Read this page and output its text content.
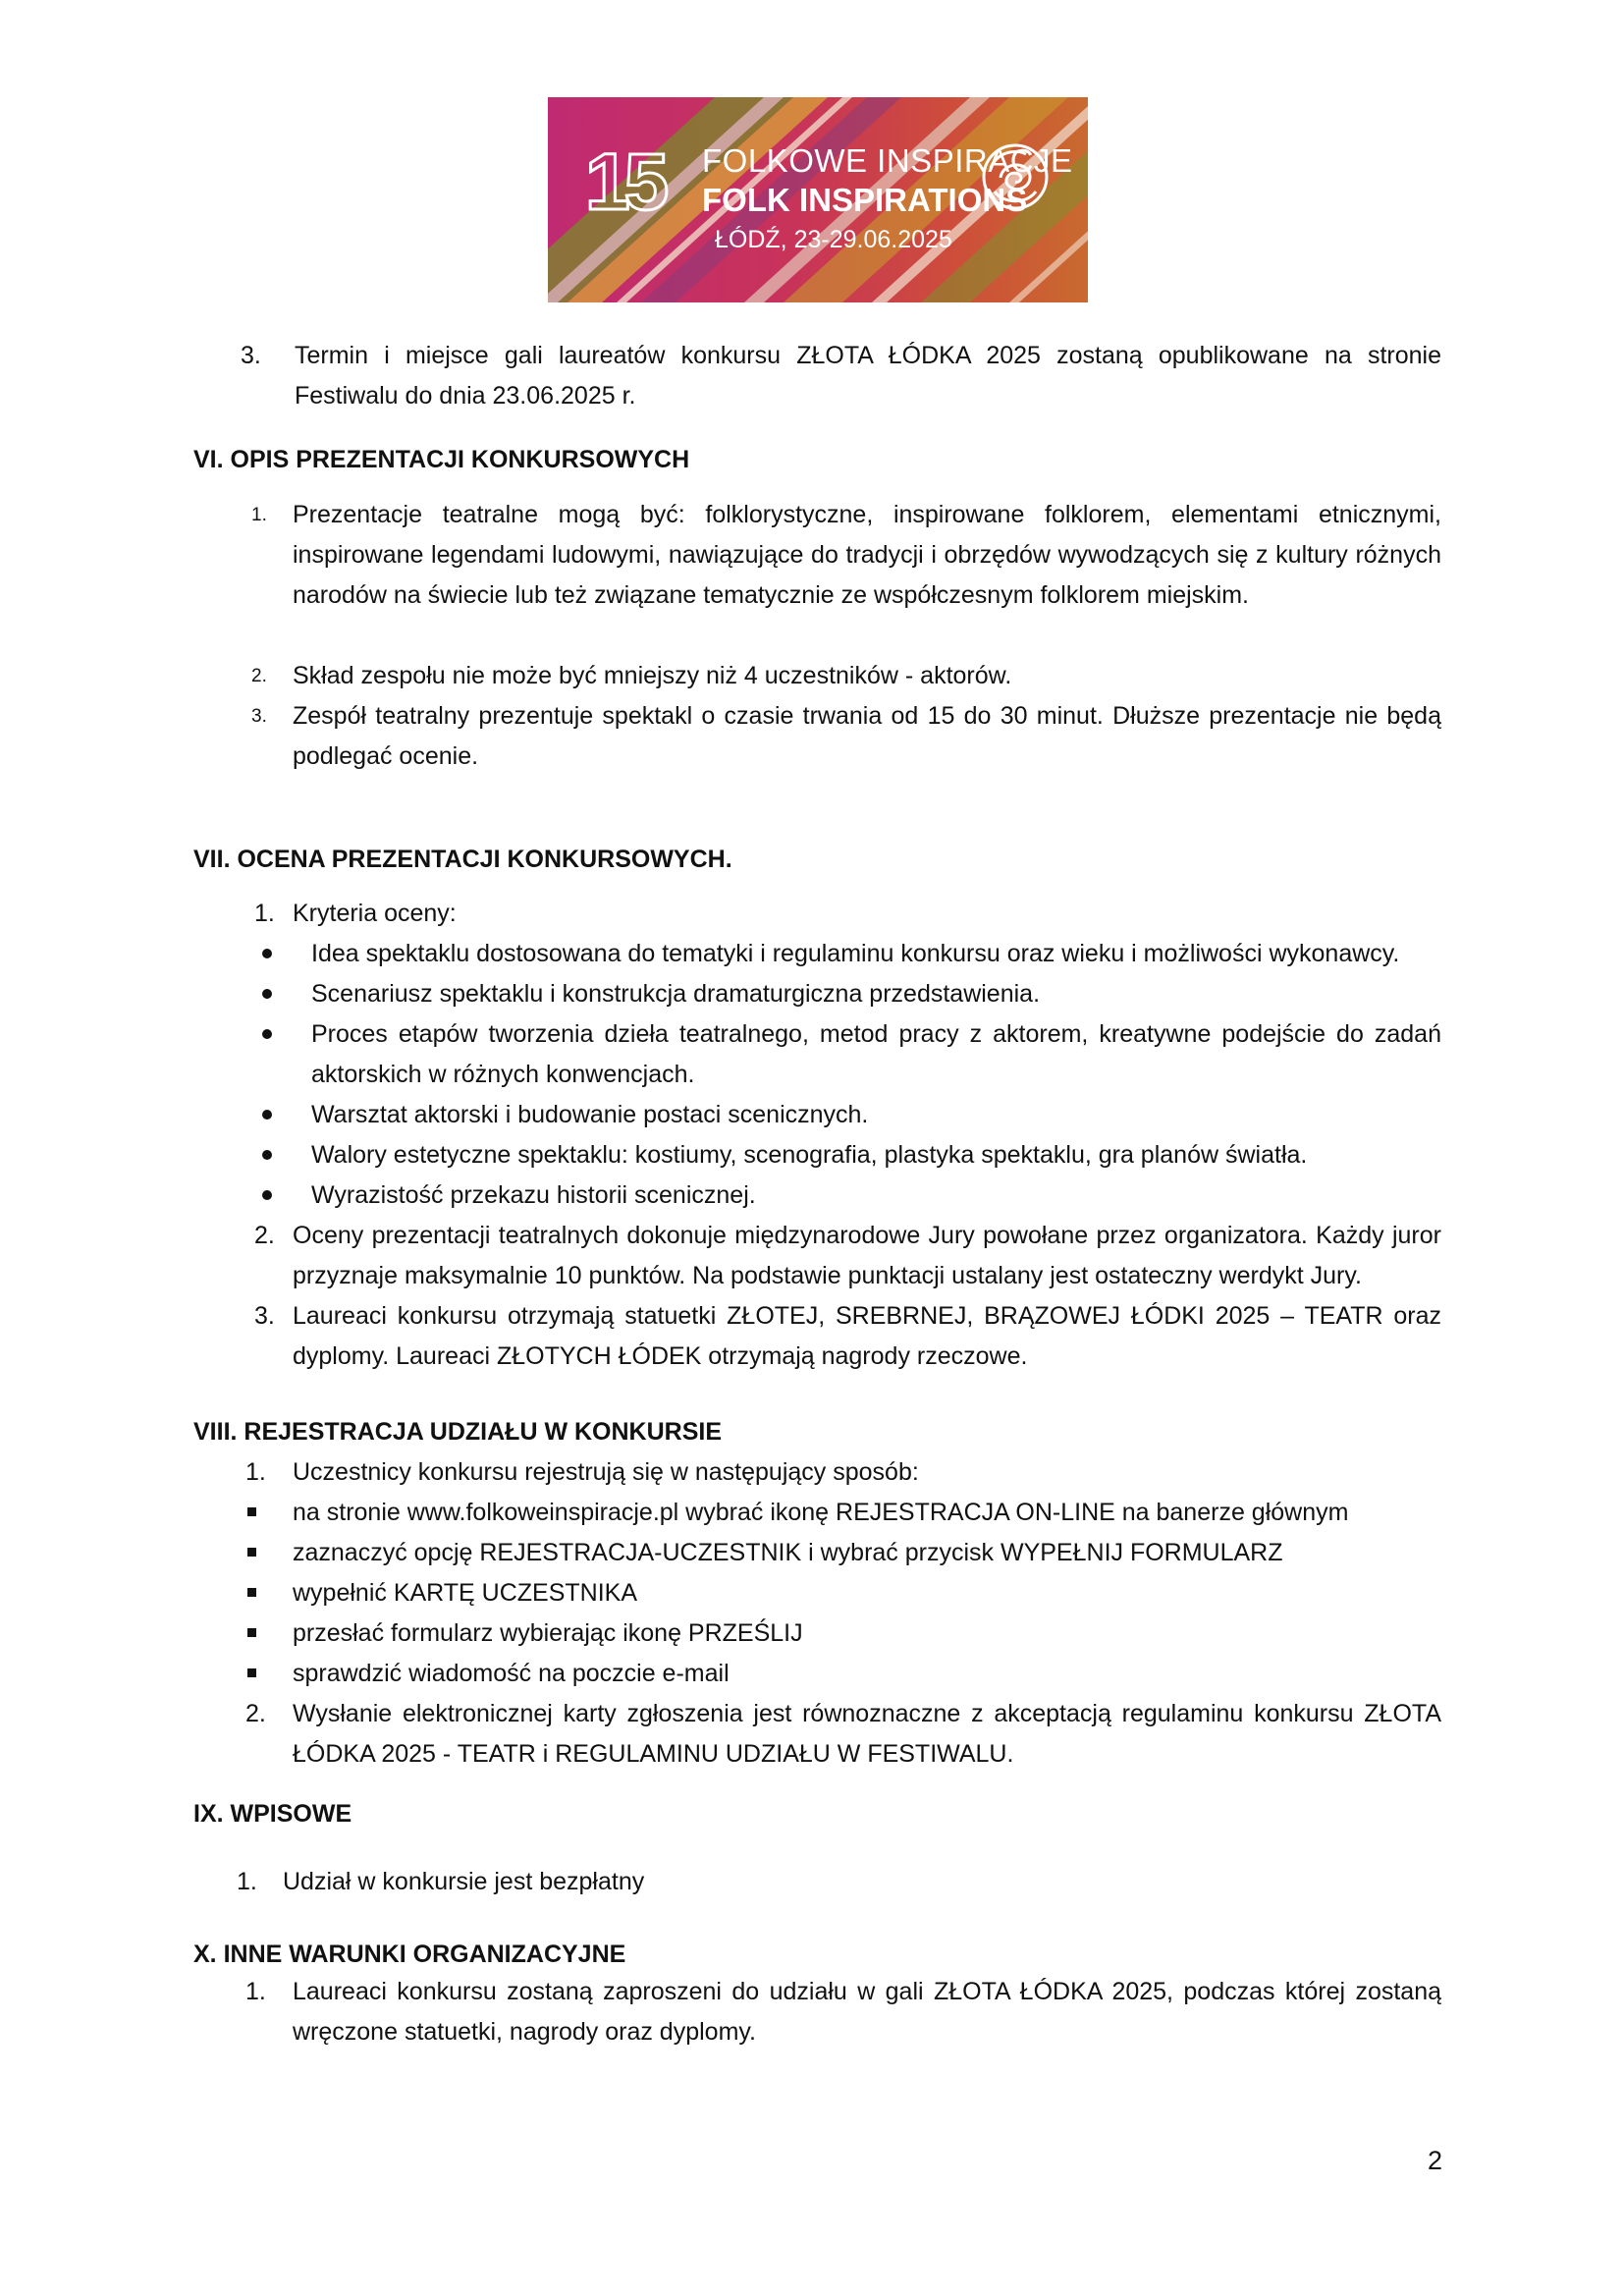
15 FOLKOWE INSPIRACJE
FOLK INSPIRATIONS
ŁÓDŹ, 23-29.06.2025
3. Termin i miejsce gali laureatów konkursu ZŁOTA ŁÓDKA 2025 zostaną opublikowane na stronie
Festiwalu do dnia 23.06.2025 r.
VI. OPIS PREZENTACJI KONKURSOWYCH
1. Prezentacje teatralne mogą być: folklorystyczne, inspirowane folklorem, elementami etnicznymi, inspirowane legendami ludowymi, nawiązujące do tradycji i obrzędów wywodzących się z kultury różnych narodów na świecie lub też związane tematycznie ze współczesnym folklorem miejskim.
2. Skład zespołu nie może być mniejszy niż 4 uczestników - aktorów.
3. Zespół teatralny prezentuje spektakl o czasie trwania od 15 do 30 minut. Dłuższe prezentacje nie będą podlegać ocenie.
VII. OCENA PREZENTACJI KONKURSOWYCH.
1. Kryteria oceny:
Idea spektaklu dostosowana do tematyki i regulaminu konkursu oraz wieku i możliwości wykonawcy.
Scenariusz spektaklu i konstrukcja dramaturgiczna przedstawienia.
Proces etapów tworzenia dzieła teatralnego, metod pracy z aktorem, kreatywne podejście do zadań aktorskich w różnych konwencjach.
Warsztat aktorski i budowanie postaci scenicznych.
Walory estetyczne spektaklu: kostiumy, scenografia, plastyka spektaklu, gra planów światła.
Wyrazistość przekazu historii scenicznej.
2. Oceny prezentacji teatralnych dokonuje międzynarodowe Jury powołane przez organizatora. Każdy juror przyznaje maksymalnie 10 punktów. Na podstawie punktacji ustalany jest ostateczny werdykt Jury.
3. Laureaci konkursu otrzymają statuetki ZŁOTEJ, SREBRNEJ, BRĄZOWEJ ŁÓDKI 2025 – TEATR oraz dyplomy. Laureaci ZŁOTYCH ŁÓDEK otrzymają nagrody rzeczowe.
VIII. REJESTRACJA UDZIAŁU W KONKURSIE
1. Uczestnicy konkursu rejestrują się w następujący sposób:
na stronie www.folkoweinspiracje.pl wybrać ikonę REJESTRACJA ON-LINE na banerze głównym
zaznaczyć opcję REJESTRACJA-UCZESTNIK i wybrać przycisk WYPEŁNIJ FORMULARZ
wypełnić KARTĘ UCZESTNIKA
przesłać formularz wybierając ikonę PRZEŚLIJ
sprawdzić wiadomość na poczcie e-mail
2. Wysłanie elektronicznej karty zgłoszenia jest równoznaczne z akceptacją regulaminu konkursu ZŁOTA ŁÓDKA 2025 - TEATR i REGULAMINU UDZIAŁU W FESTIWALU.
IX. WPISOWE
1. Udział w konkursie jest bezpłatny
X. INNE WARUNKI ORGANIZACYJNE
1. Laureaci konkursu zostaną zaproszeni do udziału w gali ZŁOTA ŁÓDKA 2025, podczas której zostaną wręczone statuetki, nagrody oraz dyplomy.
2
